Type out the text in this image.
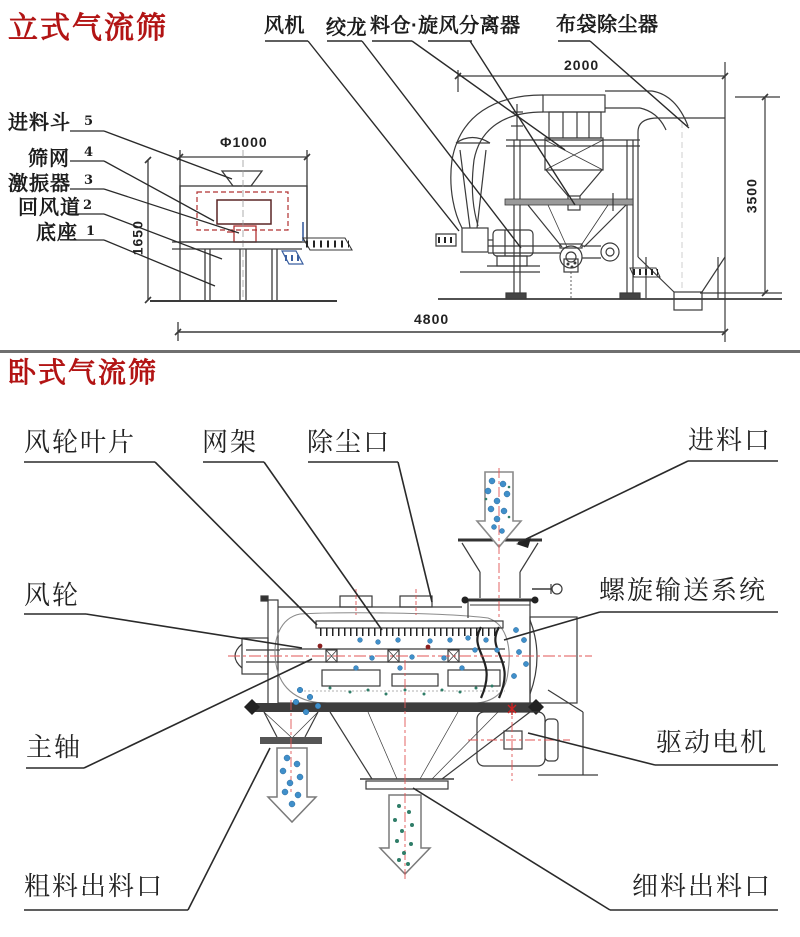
立式气流筛
卧式气流筛
风机 绞龙 料仓·旋风分离器 布袋除尘器
进料斗
筛网
激振器
回风道
底座
5
4
3
2
1
Φ1000
1650
2000
3500
4800
风轮叶片	网架 除尘口	进料口
风轮	螺旋输送系统
主轴	驱动电机
粗料出料口	细料出料口
